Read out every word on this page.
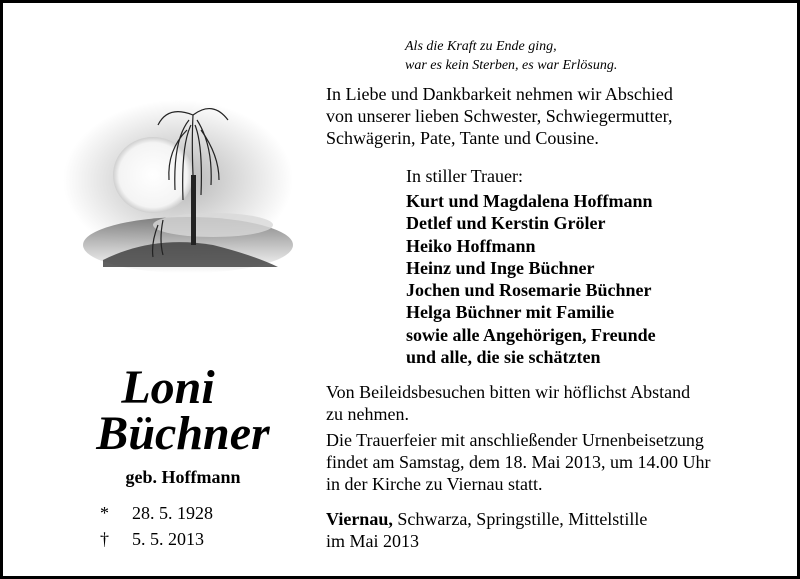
Als die Kraft zu Ende ging,
war es kein Sterben, es war Erlösung.
In Liebe und Dankbarkeit nehmen wir Abschied
von unserer lieben Schwester, Schwiegermutter,
Schwägerin, Pate, Tante und Cousine.
In stiller Trauer:
Kurt und Magdalena Hoffmann
Detlef und Kerstin Gröler
Heiko Hoffmann
Heinz und Inge Büchner
Jochen und Rosemarie Büchner
Helga Büchner mit Familie
sowie alle Angehörigen, Freunde
und alle, die sie schätzten
Von Beileidsbesuchen bitten wir höflichst Abstand
zu nehmen.
Die Trauerfeier mit anschließender Urnenbeisetzung
findet am Samstag, dem 18. Mai 2013, um 14.00 Uhr
in der Kirche zu Viernau statt.
Viernau, Schwarza, Springstille, Mittelstille
im Mai 2013
Loni
Büchner
geb. Hoffmann
* 28. 5. 1928
† 5. 5. 2013
